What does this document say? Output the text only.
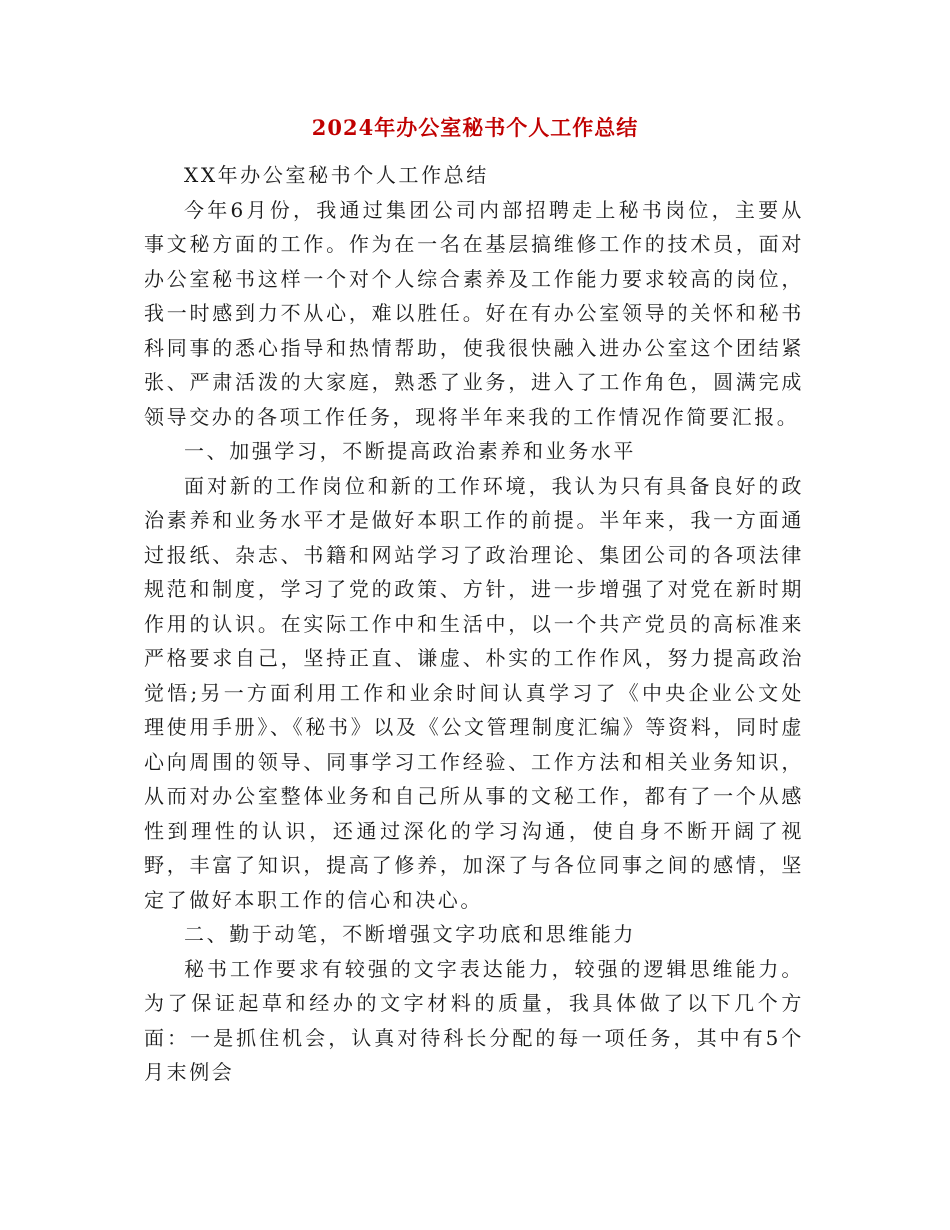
2024年办公室秘书个人工作总结

XX年办公室秘书个人工作总结

今年6月份，我通过集团公司内部招聘走上秘书岗位，主要从事文秘方面的工作。作为在一名在基层搞维修工作的技术员，面对办公室秘书这样一个对个人综合素养及工作能力要求较高的岗位，我一时感到力不从心，难以胜任。好在有办公室领导的关怀和秘书科同事的悉心指导和热情帮助，使我很快融入进办公室这个团结紧张、严肃活泼的大家庭，熟悉了业务，进入了工作角色，圆满完成领导交办的各项工作任务，现将半年来我的工作情况作简要汇报。

一、加强学习，不断提高政治素养和业务水平

面对新的工作岗位和新的工作环境，我认为只有具备良好的政治素养和业务水平才是做好本职工作的前提。半年来，我一方面通过报纸、杂志、书籍和网站学习了政治理论、集团公司的各项法律规范和制度，学习了党的政策、方针，进一步增强了对党在新时期作用的认识。在实际工作中和生活中，以一个共产党员的高标准来严格要求自己，坚持正直、谦虚、朴实的工作作风，努力提高政治觉悟;另一方面利用工作和业余时间认真学习了《中央企业公文处理使用手册》、《秘书》以及《公文管理制度汇编》等资料，同时虚心向周围的领导、同事学习工作经验、工作方法和相关业务知识，从而对办公室整体业务和自己所从事的文秘工作，都有了一个从感性到理性的认识，还通过深化的学习沟通，使自身不断开阔了视野，丰富了知识，提高了修养，加深了与各位同事之间的感情，坚定了做好本职工作的信心和决心。

二、勤于动笔，不断增强文字功底和思维能力

秘书工作要求有较强的文字表达能力，较强的逻辑思维能力。为了保证起草和经办的文字材料的质量，我具体做了以下几个方面：一是抓住机会，认真对待科长分配的每一项任务，其中有5个月末例会
